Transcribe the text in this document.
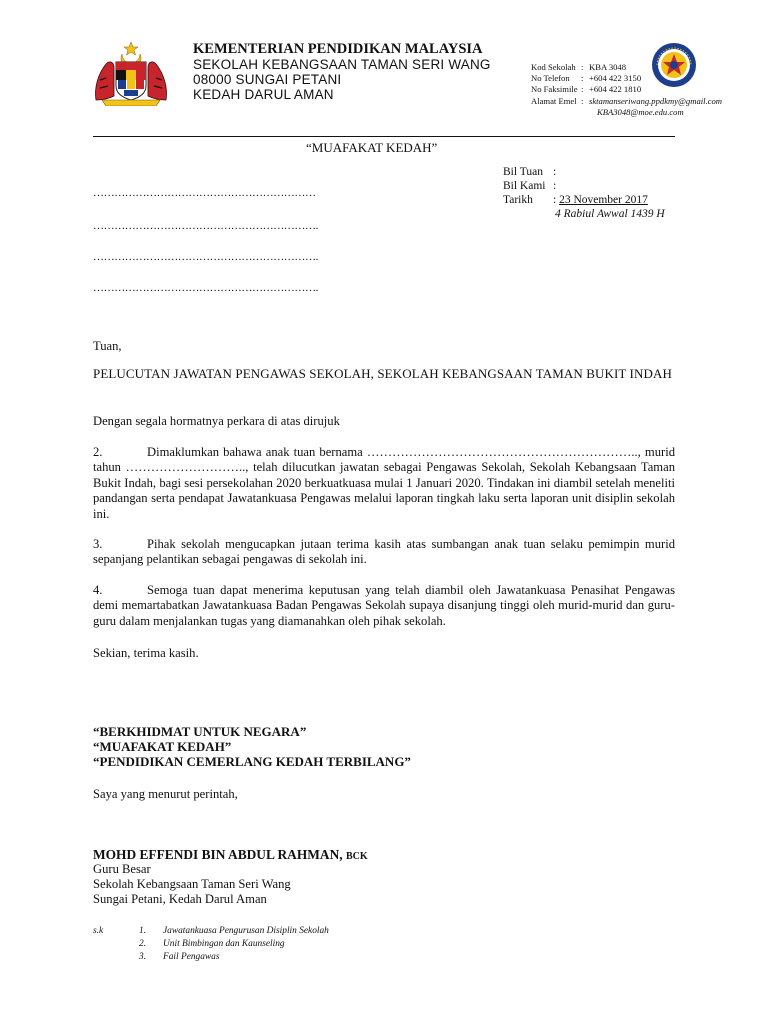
KEMENTERIAN PENDIDIKAN MALAYSIA
SEKOLAH KEBANGSAAN TAMAN SERI WANG
08000 SUNGAI PETANI
KEDAH DARUL AMAN
Kod Sekolah : KBA 3048
No Telefon	: +604 422 3150
No Faksimile : +604 422 1810
Alamat Emel : sktamanseriwang.ppdkmy@gmail.com
KBA3048@moe.edu.com
“MUAFAKAT KEDAH”
Bil Tuan :
Bil Kami :
Tarikh	: 23 November 2017
4 Rabiul Awwal 1439 H
………………………………………………………
……………………………………………………….
……………………………………………………….
……………………………………………………….
Tuan,
PELUCUTAN JAWATAN PENGAWAS SEKOLAH, SEKOLAH KEBANGSAAN TAMAN BUKIT INDAH
Dengan segala hormatnya perkara di atas dirujuk
2.	Dimaklumkan bahawa anak tuan bernama ……………………………………………………….., murid tahun ……………………….., telah dilucutkan jawatan sebagai Pengawas Sekolah, Sekolah Kebangsaan Taman Bukit Indah, bagi sesi persekolahan 2020 berkuatkuasa mulai 1 Januari 2020. Tindakan ini diambil setelah meneliti pandangan serta pendapat Jawatankuasa Pengawas melalui laporan tingkah laku serta laporan unit disiplin sekolah ini.
3.	Pihak sekolah mengucapkan jutaan terima kasih atas sumbangan anak tuan selaku pemimpin murid sepanjang pelantikan sebagai pengawas di sekolah ini.
4.	Semoga tuan dapat menerima keputusan yang telah diambil oleh Jawatankuasa Penasihat Pengawas demi memartabatkan Jawatankuasa Badan Pengawas Sekolah supaya disanjung tinggi oleh murid-murid dan guru-guru dalam menjalankan tugas yang diamanahkan oleh pihak sekolah.
Sekian, terima kasih.
“BERKHIDMAT UNTUK NEGARA”
“MUAFAKAT KEDAH”
“PENDIDIKAN CEMERLANG KEDAH TERBILANG”
Saya yang menurut perintah,
MOHD EFFENDI BIN ABDUL RAHMAN, BCK
Guru Besar
Sekolah Kebangsaan Taman Seri Wang
Sungai Petani, Kedah Darul Aman
s.k	1.	Jawatankuasa Pengurusan Disiplin Sekolah
2.	Unit Bimbingan dan Kaunseling
3.	Fail Pengawas
